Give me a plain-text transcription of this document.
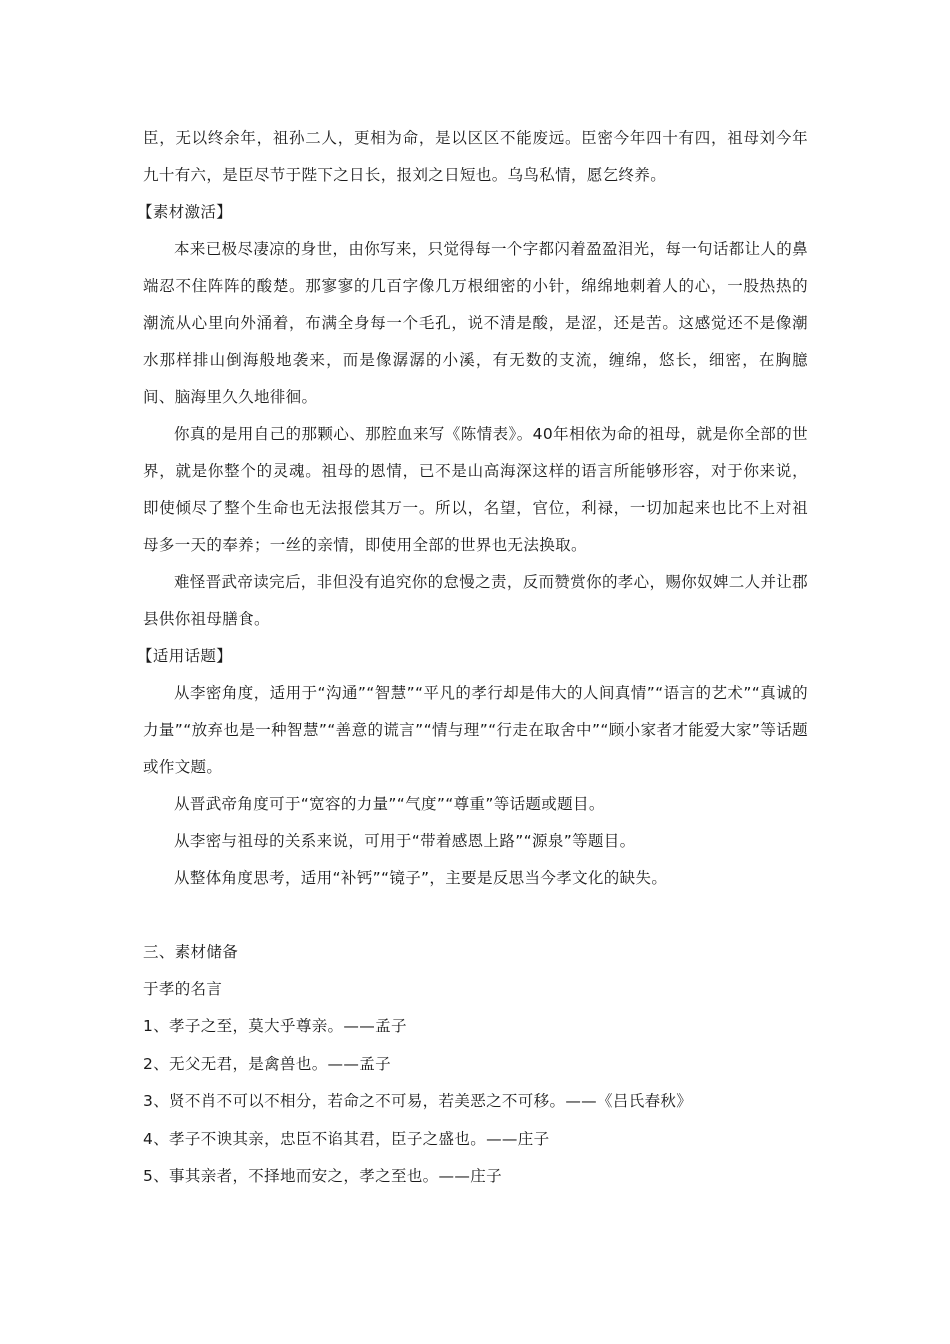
臣，无以终余年，祖孙二人，更相为命，是以区区不能废远。臣密今年四十有四，祖母刘今年九十有六，是臣尽节于陛下之日长，报刘之日短也。乌鸟私情，愿乞终养。

【素材激活】

本来已极尽凄凉的身世，由你写来，只觉得每一个字都闪着盈盈泪光，每一句话都让人的鼻端忍不住阵阵的酸楚。那寥寥的几百字像几万根细密的小针，绵绵地刺着人的心，一股热热的潮流从心里向外涌着，布满全身每一个毛孔，说不清是酸，是涩，还是苦。这感觉还不是像潮水那样排山倒海般地袭来，而是像潺潺的小溪，有无数的支流，缠绵，悠长，细密，在胸臆间、脑海里久久地徘徊。

你真的是用自己的那颗心、那腔血来写《陈情表》。40年相依为命的祖母，就是你全部的世界，就是你整个的灵魂。祖母的恩情，已不是山高海深这样的语言所能够形容，对于你来说，即使倾尽了整个生命也无法报偿其万一。所以，名望，官位，利禄，一切加起来也比不上对祖母多一天的奉养；一丝的亲情，即使用全部的世界也无法换取。

难怪晋武帝读完后，非但没有追究你的怠慢之责，反而赞赏你的孝心，赐你奴婢二人并让郡县供你祖母膳食。

【适用话题】

从李密角度，适用于“沟通”“智慧”“平凡的孝行却是伟大的人间真情”“语言的艺术”“真诚的力量”“放弃也是一种智慧”“善意的谎言”“情与理”“行走在取舍中”“顾小家者才能爱大家”等话题或作文题。

从晋武帝角度可于“宽容的力量”“气度”“尊重”等话题或题目。

从李密与祖母的关系来说，可用于“带着感恩上路”“源泉”等题目。

从整体角度思考，适用“补钙”“镜子”，主要是反思当今孝文化的缺失。

三、素材储备

于孝的名言

1、孝子之至，莫大乎尊亲。——孟子

2、无父无君，是禽兽也。——孟子

3、贤不肖不可以不相分，若命之不可易，若美恶之不可移。——《吕氏春秋》

4、孝子不谀其亲，忠臣不谄其君，臣子之盛也。——庄子

5、事其亲者，不择地而安之，孝之至也。——庄子
